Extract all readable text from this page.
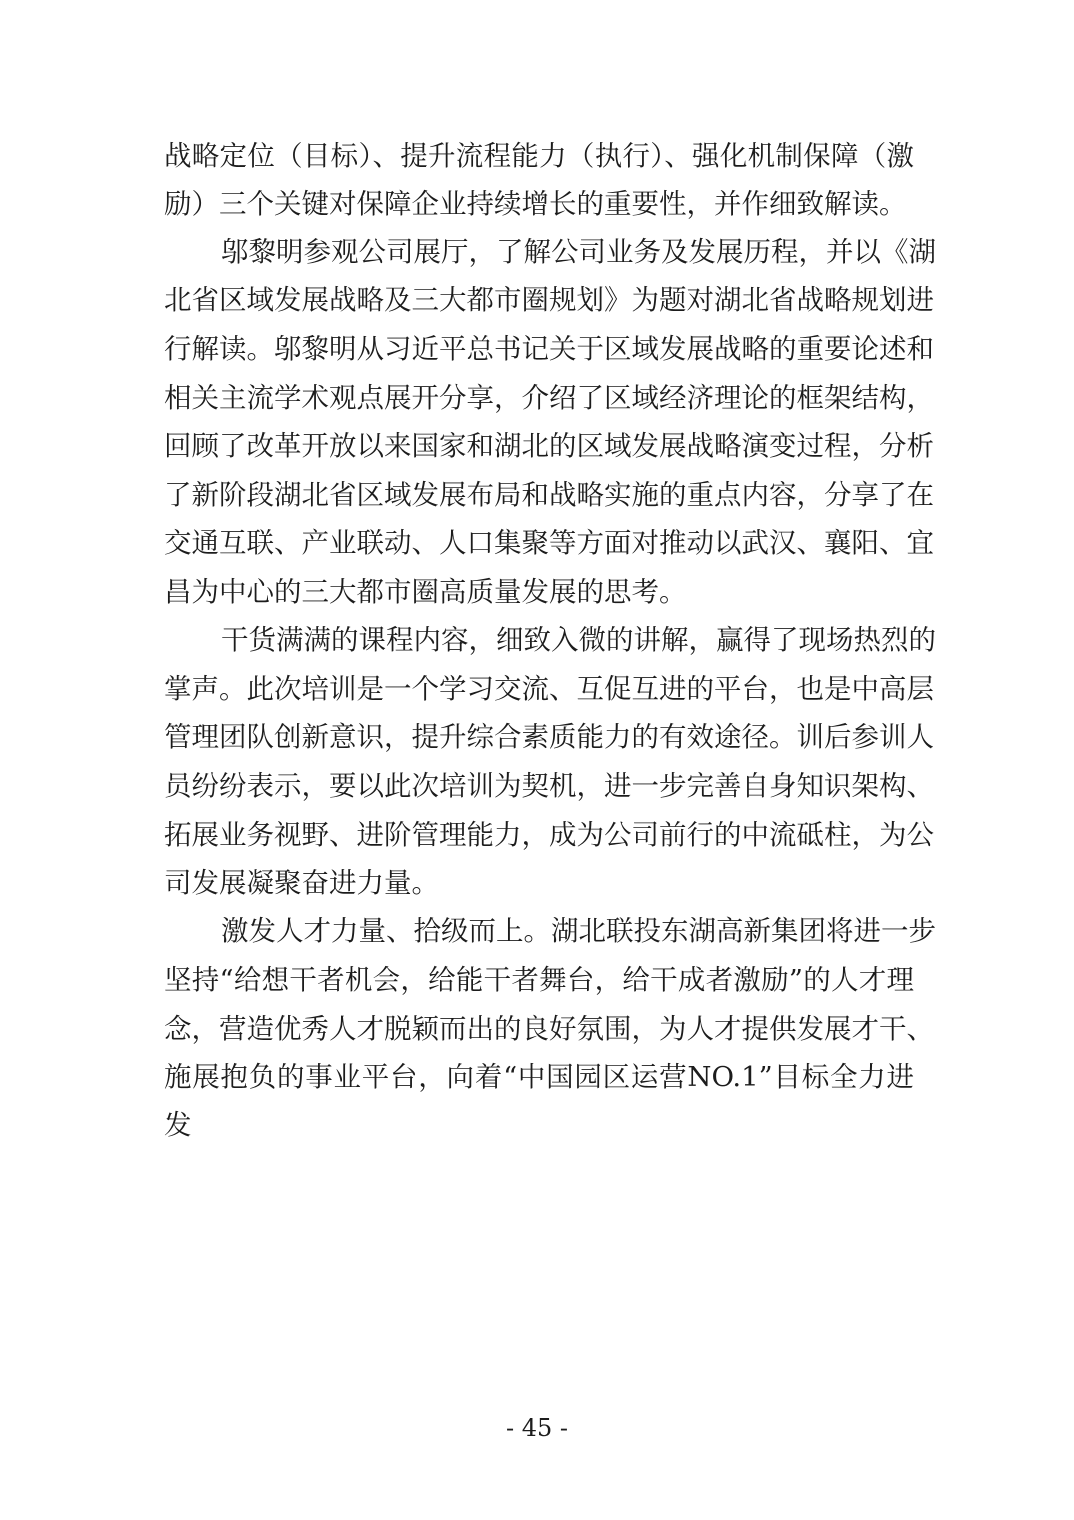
战略定位（目标）、提升流程能力（执行）、强化机制保障（激
励）三个关键对保障企业持续增长的重要性，并作细致解读。
邬黎明参观公司展厅，了解公司业务及发展历程，并以《湖
北省区域发展战略及三大都市圈规划》为题对湖北省战略规划进
行解读。邬黎明从习近平总书记关于区域发展战略的重要论述和
相关主流学术观点展开分享，介绍了区域经济理论的框架结构，
回顾了改革开放以来国家和湖北的区域发展战略演变过程，分析
了新阶段湖北省区域发展布局和战略实施的重点内容，分享了在
交通互联、产业联动、人口集聚等方面对推动以武汉、襄阳、宜
昌为中心的三大都市圈高质量发展的思考。
干货满满的课程内容，细致入微的讲解，赢得了现场热烈的
掌声。此次培训是一个学习交流、互促互进的平台，也是中高层
管理团队创新意识，提升综合素质能力的有效途径。训后参训人
员纷纷表示，要以此次培训为契机，进一步完善自身知识架构、
拓展业务视野、进阶管理能力，成为公司前行的中流砥柱，为公
司发展凝聚奋进力量。
激发人才力量、拾级而上。湖北联投东湖高新集团将进一步
坚持“给想干者机会，给能干者舞台，给干成者激励”的人才理
念，营造优秀人才脱颖而出的良好氛围，为人才提供发展才干、
施展抱负的事业平台，向着“中国园区运营NO.1”目标全力进
发
- 45 -
